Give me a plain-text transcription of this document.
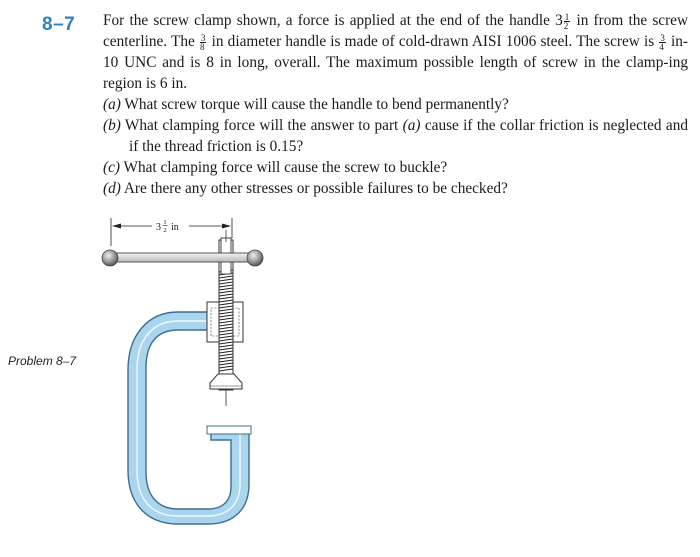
8–7 For the screw clamp shown, a force is applied at the end of the handle $3 \frac{1}{2}$ in from the screw centerline. The $\frac{3}{8}$ in diameter handle is made of cold-drawn AISI 1006 steel. The screw is $\frac{3}{4} in-10$ UNC and is 8 in long, overall. The maximum possible length of screw in the clamp-ing region is 6 in.

(a) What screw torque will cause the handle to bend permanently?

(b) What clamping force will the answer to part (a) cause if the collar friction is neglected and if the thread friction is 0.15?

(c) What clamping force will cause the screw to buckle?

(d) Are there any other stresses or possible failures to be checked?

Problem 8–7
3 1
2 in
